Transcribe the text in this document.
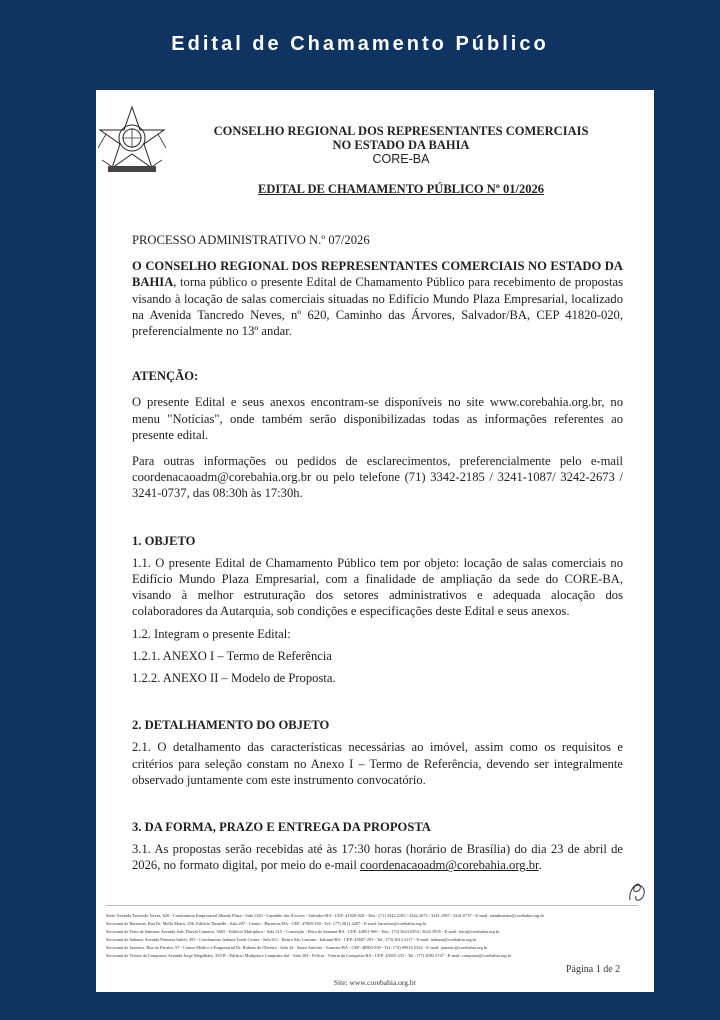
Edital de Chamamento Público
CONSELHO REGIONAL DOS REPRESENTANTES COMERCIAIS
NO ESTADO DA BAHIA
CORE-BA
EDITAL DE CHAMAMENTO PÚBLICO Nº 01/2026

PROCESSO ADMINISTRATIVO N.º 07/2026

O CONSELHO REGIONAL DOS REPRESENTANTES COMERCIAIS NO ESTADO DA BAHIA, torna público o presente Edital de Chamamento Público para recebimento de propostas visando à locação de salas comerciais situadas no Edifício Mundo Plaza Empresarial, localizado na Avenida Tancredo Neves, nº 620, Caminho das Árvores, Salvador/BA, CEP 41820-020, preferencialmente no 13º andar.

ATENÇÃO:

O presente Edital e seus anexos encontram-se disponíveis no site www.corebahia.org.br, no menu "Notícias", onde também serão disponibilizadas todas as informações referentes ao presente edital.

Para outras informações ou pedidos de esclarecimentos, preferencialmente pelo e-mail coordenacaoadm@corebahia.org.br ou pelo telefone (71) 3342-2185 / 3241-1087/ 3242-2673 / 3241-0737, das 08:30h às 17:30h.

1. OBJETO

1.1. O presente Edital de Chamamento Público tem por objeto: locação de salas comerciais no Edifício Mundo Plaza Empresarial, com a finalidade de ampliação da sede do CORE-BA, visando à melhor estruturação dos setores administrativos e adequada alocação dos colaboradores da Autarquia, sob condições e especificações deste Edital e seus anexos.

1.2. Integram o presente Edital:

1.2.1. ANEXO I – Termo de Referência

1.2.2. ANEXO II – Modelo de Proposta.

2. DETALHAMENTO DO OBJETO

2.1. O detalhamento das características necessárias ao imóvel, assim como os requisitos e critérios para seleção constam no Anexo I – Termo de Referência, devendo ser integralmente observado juntamente com este instrumento convocatório.

3. DA FORMA, PRAZO E ENTREGA DA PROPOSTA

3.1. As propostas serão recebidas até às 17:30 horas (horário de Brasília) do dia 23 de abril de 2026, no formato digital, por meio do e-mail coordenacaoadm@corebahia.org.br.

Sede: Avenida Tancredo Neves, 620 - Condomínio Empresarial Mundo Plaza - Sala 1320 - Caminho das Árvores - Salvador-BA - CEP: 41820-020 - Tels.: (71) 3342.2185 / 3242.2673 / 3241.1087 / 3241.0737 - E-mail: atendimento@corebahia.org.br
Seccional de Barreiras: Rua Dr. Mello Matos, 256, Edifício Danielle - Sala 207 - Centro - Barreiras-BA - CEP: 47800-150 - Tel.: (77) 3611.4287 - E-mail: barreiras@corebahia.org.br
Seccional de Feira de Santana: Avenida João Durval Carneiro, 3665 - Edifício Multiplace - Sala 315 - Conceição - Feira de Santana-BA - CEP: 44051-900 - Tels.: (75) 3623.0454 / 3622.5935 - E-mail: feira@corebahia.org.br
Seccional de Itabuna: Avenida Princesa Isabel, 395 - Condomínio Itabuna Trade Center - Sala 611 - Bairro São Caetano - Itabuna-BA - CEP: 45607-291 - Tel.: (73) 3613.3117 - E-mail: itabuna@corebahia.org.br
Seccional de Juazeiro: Rua do Paraíso, 97 - Centro Médico e Empresarial Dr. Rubens de Oliveira - Sala 34 - Santo Antônio - Juazeiro-BA - CEP: 48903-350 - Tel.: (74) 99916.5332 - E-mail: juazeiro@corebahia.org.br
Seccional de Vitória da Conquista: Avenida Jorge Magalhães, 350 B - Edifício Multiplace Conquista Sul - Sala 204 - Felícia - Vitória da Conquista-BA - CEP: 45055-235 - Tel.: (77) 3082.3747 - E-mail: conquista@corebahia.org.br
Página 1 de 2
Site: www.corebahia.org.br
